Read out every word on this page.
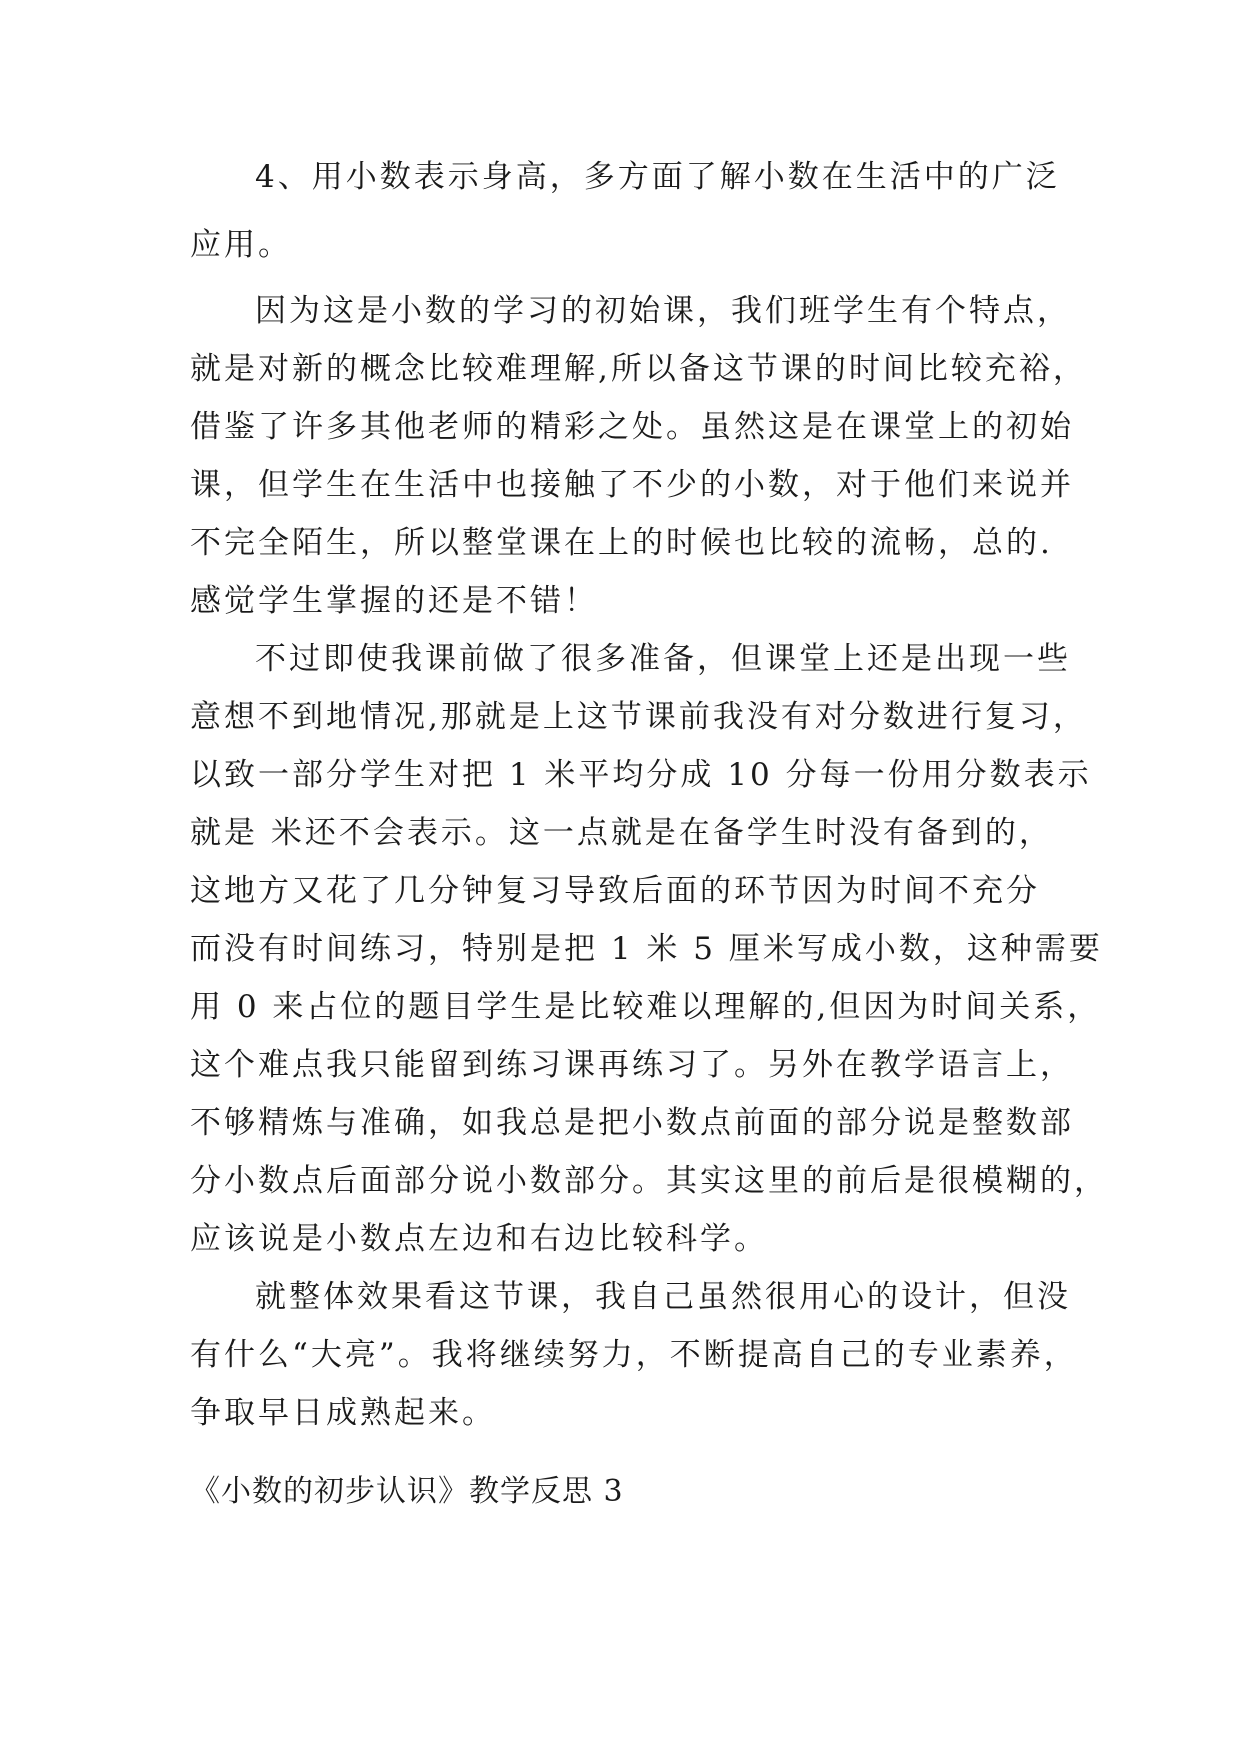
4、用小数表示身高，多方面了解小数在生活中的广泛
应用。
因为这是小数的学习的初始课，我们班学生有个特点，
就是对新的概念比较难理解,所以备这节课的时间比较充裕，
借鉴了许多其他老师的精彩之处。虽然这是在课堂上的初始
课，但学生在生活中也接触了不少的小数，对于他们来说并
不完全陌生，所以整堂课在上的时候也比较的流畅，总的.
感觉学生掌握的还是不错！
不过即使我课前做了很多准备，但课堂上还是出现一些
意想不到地情况,那就是上这节课前我没有对分数进行复习，
以致一部分学生对把 1 米平均分成 10 分每一份用分数表示
就是 米还不会表示。这一点就是在备学生时没有备到的，
这地方又花了几分钟复习导致后面的环节因为时间不充分
而没有时间练习，特别是把 1 米 5 厘米写成小数，这种需要
用 0 来占位的题目学生是比较难以理解的,但因为时间关系，
这个难点我只能留到练习课再练习了。另外在教学语言上，
不够精炼与准确，如我总是把小数点前面的部分说是整数部
分小数点后面部分说小数部分。其实这里的前后是很模糊的，
应该说是小数点左边和右边比较科学。
就整体效果看这节课，我自己虽然很用心的设计，但没
有什么“大亮”。我将继续努力，不断提高自己的专业素养，
争取早日成熟起来。
《小数的初步认识》教学反思 3
